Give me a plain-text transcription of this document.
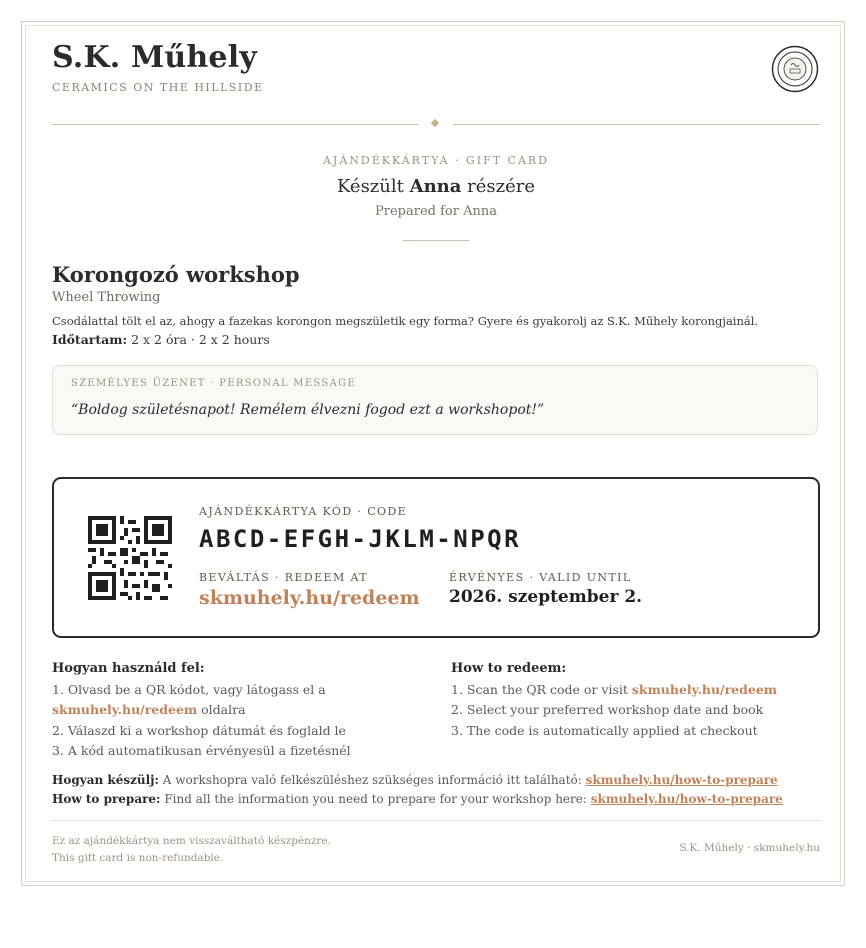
S.K. Műhely
CERAMICS ON THE HILLSIDE
AJÁNDÉKKÁRTYA · GIFT CARD
Készült Anna részére
Prepared for Anna
Korongozó workshop
Wheel Throwing
Csodálattal tölt el az, ahogy a fazekas korongon megszületik egy forma? Gyere és gyakorolj az S.K. Műhely korongjainál.
Időtartam: 2 x 2 óra · 2 x 2 hours
SZEMÉLYES ÜZENET · PERSONAL MESSAGE
“Boldog születésnapot! Remélem élvezni fogod ezt a workshopot!”
AJÁNDÉKKÁRTYA KÓD · CODE
ABCD-EFGH-JKLM-NPQR
BEVÁLTÁS · REDEEM AT
skmuhely.hu/redeem
ÉRVÉNYES · VALID UNTIL
2026. szeptember 2.
Hogyan használd fel:
1. Olvasd be a QR kódot, vagy látogass el a
skmuhely.hu/redeem oldalra
2. Válaszd ki a workshop dátumát és foglald le
3. A kód automatikusan érvényesül a fizetésnél
How to redeem:
1. Scan the QR code or visit skmuhely.hu/redeem
2. Select your preferred workshop date and book
3. The code is automatically applied at checkout
Hogyan készülj: A workshopra való felkészüléshez szükséges információ itt található: skmuhely.hu/how-to-prepare
How to prepare: Find all the information you need to prepare for your workshop here: skmuhely.hu/how-to-prepare
Ez az ajándékkártya nem visszaváltható készpénzre.
This gift card is non-refundable.
S.K. Műhely · skmuhely.hu
